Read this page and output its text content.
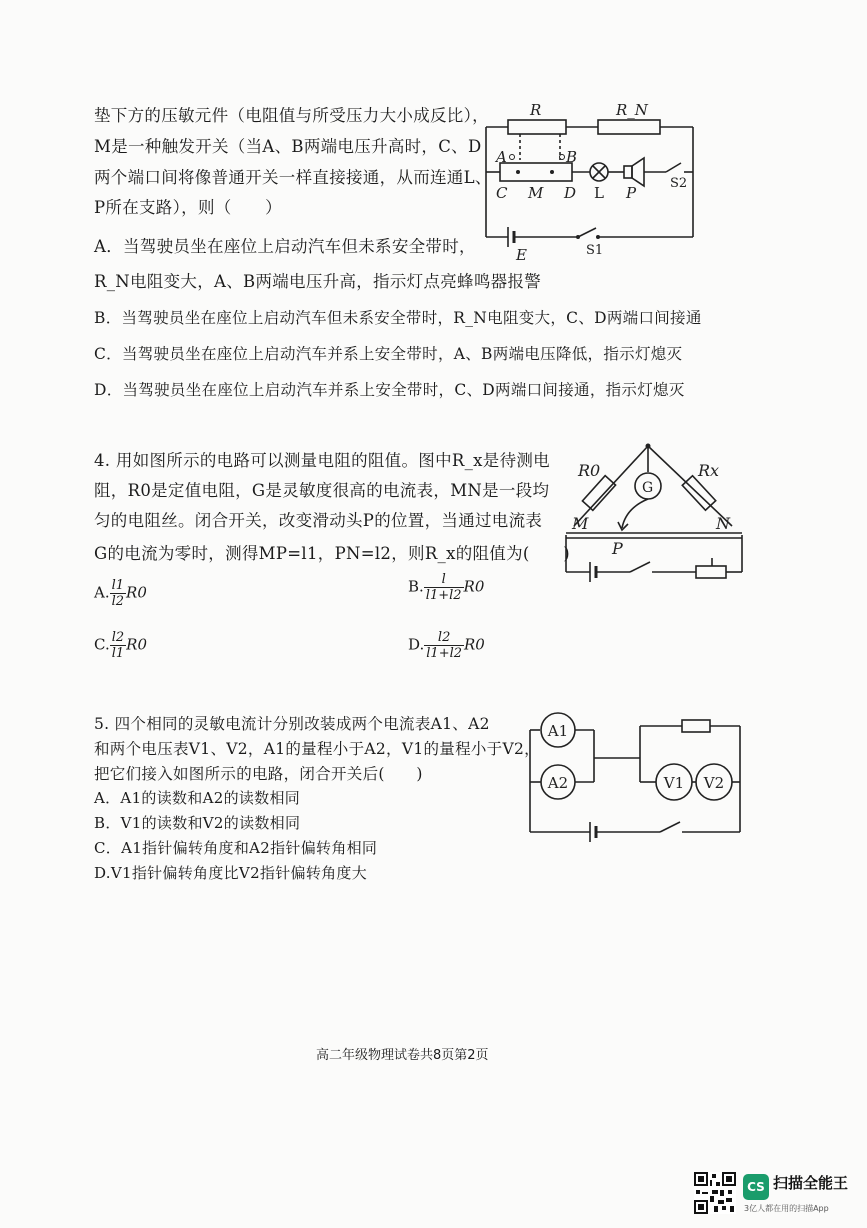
垫下方的压敏元件（电阻值与所受压力大小成反比），
M是一种触发开关（当A、B两端电压升高时，C、D
两个端口间将像普通开关一样直接接通，从而连通L、
P所在支路），则（　　）
A．当驾驶员坐在座位上启动汽车但未系安全带时，
R_N电阻变大，A、B两端电压升高，指示灯点亮蜂鸣器报警
B．当驾驶员坐在座位上启动汽车但未系安全带时，R_N电阻变大，C、D两端口间接通
C．当驾驶员坐在座位上启动汽车并系上安全带时，A、B两端电压降低，指示灯熄灭
D．当驾驶员坐在座位上启动汽车并系上安全带时，C、D两端口间接通，指示灯熄灭
R	R_N
A	B
C M D L P
S2
E	S1
4. 用如图所示的电路可以测量电阻的阻值。图中R_x是待测电
阻，R0是定值电阻，G是灵敏度很高的电流表，MN是一段均
匀的电阻丝。闭合开关，改变滑动头P的位置，当通过电流表
G的电流为零时，测得MP=l1，PN=l2，则R_x的阻值为(　　)
A. $\frac{l1}{l2} R0$	B. $\frac{l}{l1+l2} R0$
C. $\frac{l2}{l1} R0$	D. $\frac{l2}{l1+l2} R0$
R0	Rx
G
M	N
P
5. 四个相同的灵敏电流计分别改装成两个电流表A1、A2
和两个电压表V1、V2，A1的量程小于A2，V1的量程小于V2，
把它们接入如图所示的电路，闭合开关后(　　)
A．A1的读数和A2的读数相同
B．V1的读数和V2的读数相同
C．A1指针偏转角度和A2指针偏转角相同
D.V1指针偏转角度比V2指针偏转角度大
A1
A2	V1 V2
高二年级物理试卷共8页第2页
CS 扫描全能王
3亿人都在用的扫描App
